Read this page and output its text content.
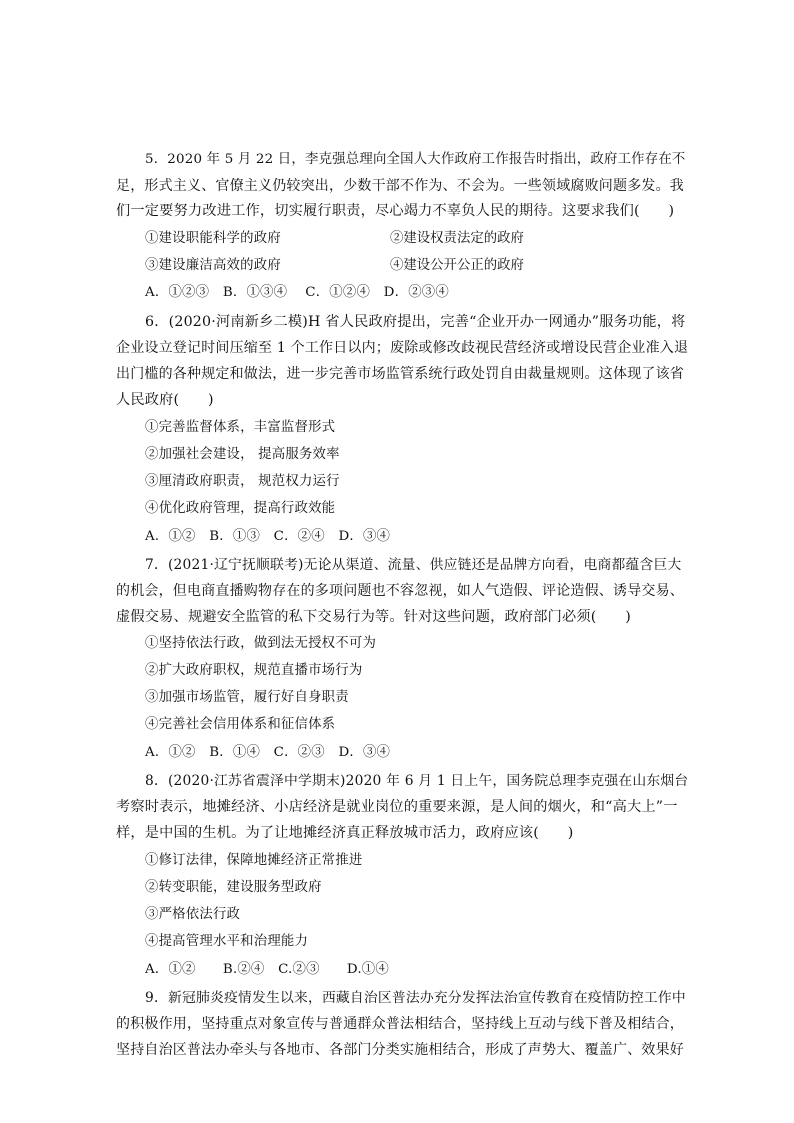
5．2020 年 5 月 22 日，李克强总理向全国人大作政府工作报告时指出，政府工作存在不
足，形式主义、官僚主义仍较突出，少数干部不作为、不会为。一些领域腐败问题多发。我
们一定要努力改进工作，切实履行职责，尽心竭力不辜负人民的期待。这要求我们(　　)
①建设职能科学的政府	②建设权责法定的政府
③建设廉洁高效的政府	④建设公开公正的政府
A．①②③　B．①③④　 C．①②④　D．②③④
6．(2020·河南新乡二模)H 省人民政府提出，完善“企业开办一网通办”服务功能，将
企业设立登记时间压缩至 1 个工作日以内；废除或修改歧视民营经济或增设民营企业准入退
出门槛的各种规定和做法，进一步完善市场监管系统行政处罚自由裁量规则。这体现了该省
人民政府(　　)
①完善监督体系，丰富监督形式
②加强社会建设， 提高服务效率
③厘清政府职责， 规范权力运行
④优化政府管理，提高行政效能
A．①②　B．①③　C．②④　D．③④
7．(2021·辽宁抚顺联考)无论从渠道、流量、供应链还是品牌方向看，电商都蕴含巨大
的机会，但电商直播购物存在的多项问题也不容忽视，如人气造假、评论造假、诱导交易、
虚假交易、规避安全监管的私下交易行为等。针对这些问题，政府部门必须(　　)
①坚持依法行政，做到法无授权不可为
②扩大政府职权，规范直播市场行为
③加强市场监管，履行好自身职责
④完善社会信用体系和征信体系
A．①②　B．①④　C．②③　D．③④
8．(2020·江苏省震泽中学期末)2020 年 6 月 1 日上午，国务院总理李克强在山东烟台
考察时表示，地摊经济、小店经济是就业岗位的重要来源，是人间的烟火，和“高大上”一
样，是中国的生机。为了让地摊经济真正释放城市活力，政府应该(　　)
①修订法律，保障地摊经济正常推进
②转变职能，建设服务型政府
③严格依法行政
④提高管理水平和治理能力
A．①②　　B.②④　C.②③　　D.①④
9．新冠肺炎疫情发生以来，西藏自治区普法办充分发挥法治宣传教育在疫情防控工作中
的积极作用，坚持重点对象宣传与普通群众普法相结合，坚持线上互动与线下普及相结合，
坚持自治区普法办牵头与各地市、各部门分类实施相结合，形成了声势大、覆盖广、效果好
